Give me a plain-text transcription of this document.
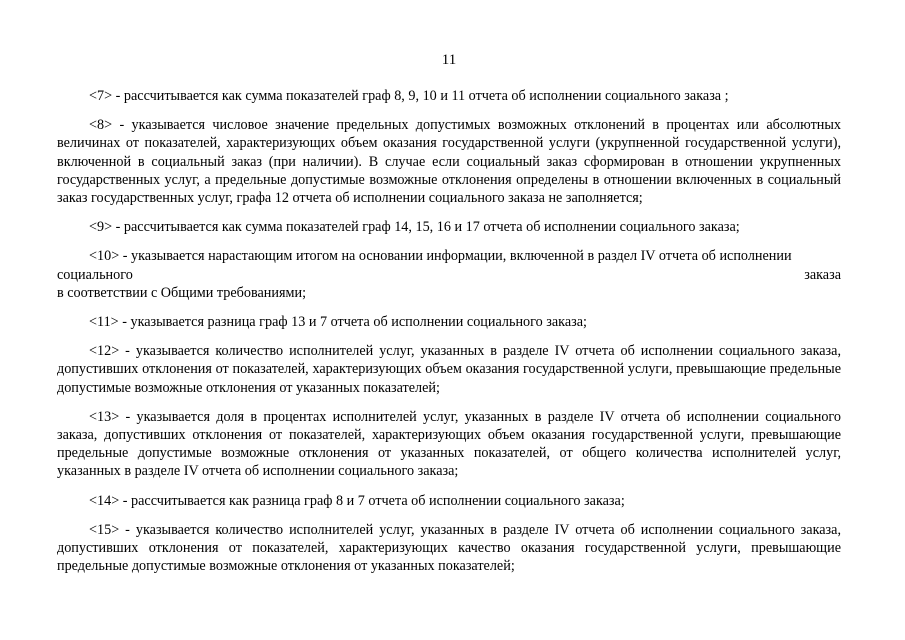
11

<7> - рассчитывается как сумма показателей граф 8, 9, 10 и 11 отчета об исполнении социального заказа ;

<8> - указывается числовое значение предельных допустимых возможных отклонений в процентах или абсолютных величинах от показателей, характеризующих объем оказания государственной услуги (укрупненной государственной услуги), включенной в социальный заказ (при наличии). В случае если социальный заказ сформирован в отношении укрупненных государственных услуг, а предельные допустимые возможные отклонения определены в отношении включенных в социальный заказ государственных услуг, графа 12 отчета об исполнении социального заказа не заполняется;

<9> - рассчитывается как сумма показателей граф 14, 15, 16 и 17 отчета об исполнении социального заказа;

<10> - указывается нарастающим итогом на основании информации, включенной в раздел IV отчета об исполнении
социального	заказа
в соответствии с Общими требованиями;

<11> - указывается разница граф 13 и 7 отчета об исполнении социального заказа;

<12> - указывается количество исполнителей услуг, указанных в разделе IV отчета об исполнении социального заказа, допустивших отклонения от показателей, характеризующих объем оказания государственной услуги, превышающие предельные допустимые возможные отклонения от указанных показателей;

<13> - указывается доля в процентах исполнителей услуг, указанных в разделе IV отчета об исполнении социального заказа, допустивших отклонения от показателей, характеризующих объем оказания государственной услуги, превышающие предельные допустимые возможные отклонения от указанных показателей, от общего количества исполнителей услуг, указанных в разделе IV отчета об исполнении социального заказа;

<14> - рассчитывается как разница граф 8 и 7 отчета об исполнении социального заказа;

<15> - указывается количество исполнителей услуг, указанных в разделе IV отчета об исполнении социального заказа, допустивших отклонения от показателей, характеризующих качество оказания государственной услуги, превышающие предельные допустимые возможные отклонения от указанных показателей;
